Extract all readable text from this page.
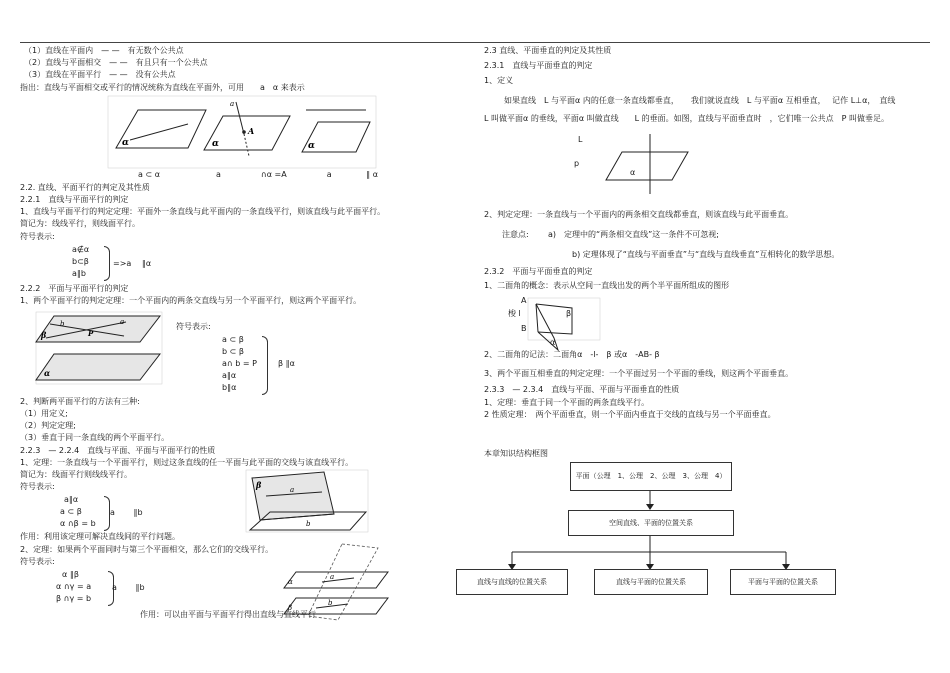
（1）直线在平面内　— —　有无数个公共点
（2）直线与平面相交　— —　有且只有一个公共点
（3）直线在平面平行　— —　没有公共点
指出：直线与平面相交或平行的情况统称为直线在平面外，可用　　a　α 来表示
α
A
α
a
α
a ⊂ α　　　　　　　a　　　　　∩α =A　　　　　a　　　　 ∥ α
2.2. 直线、平面平行的判定及其性质
2.2.1　直线与平面平行的判定
1、直线与平面平行的判定定理：平面外一条直线与此平面内的一条直线平行，则该直线与此平面平行。
简记为：线线平行，则线面平行。
符号表示:
a∉α
b⊂β
a∥b
=>a　 ∥α
2.2.2　平面与平面平行的判定
1、两个平面平行的判定定理：一个平面内的两条交直线与另一个平面平行，则这两个平面平行。
β
a
b
P
α
符号表示:
a ⊂ β
b ⊂ β
a∩ b = P
a∥α
b∥α
β ∥α
2、判断两平面平行的方法有三种:
（1）用定义;
（2）判定定理;
（3）垂直于同一条直线的两个平面平行。
2.2.3　— 2.2.4　直线与平面、平面与平面平行的性质
1、定理：一条直线与一个平面平行，则过这条直线的任一平面与此平面的交线与该直线平行。
简记为：线面平行则线线平行。
符号表示:
a∥α
a ⊂ β
α ∩β = b
a　　 ∥b
β	a
b
作用：利用该定理可解决直线间的平行问题。
2、定理：如果两个平面同时与第三个平面相交，那么它们的交线平行。
符号表示:
α ∥β
α ∩γ = a
β ∩γ = b
a　　 ∥b
a
b
α
β
作用：可以由平面与平面平行得出直线与直线平行
2.3 直线、平面垂直的判定及其性质
2.3.1　直线与平面垂直的判定
1、定义
如果直线　L 与平面α 内的任意一条直线都垂直，　　我们就说直线　L 与平面α 互相垂直，　 记作 L⊥α，　直线
L 叫做平面α 的垂线，平面α 叫做直线　　L 的垂面。如图，直线与平面垂直时　，它们唯一公共点　P 叫做垂足。
L
p
α
2、判定定理：一条直线与一个平面内的两条相交直线都垂直，则该直线与此平面垂直。
注意点: a)　定理中的“两条相交直线”这一条件不可忽视;
b) 定理体现了“直线与平面垂直”与“直线与直线垂直”互相转化的数学思想。
2.3.2　平面与平面垂直的判定
1、二面角的概念：表示从空间一直线出发的两个半平面所组成的图形
A
梭 l
B
β
α
2、二面角的记法：二面角α　-l-　β 或α　-AB- β
3、两个平面互相垂直的判定定理：一个平面过另一个平面的垂线，则这两个平面垂直。
2.3.3　— 2.3.4　直线与平面、平面与平面垂直的性质
1、定理：垂直于同一个平面的两条直线平行。
2 性质定理：　两个平面垂直，则一个平面内垂直于交线的直线与另一个平面垂直。
本章知识结构框图
平面（公理　1、公理　2、公理　3、公理　4）
空间直线、平面的位置关系
直线与直线的位置关系	直线与平面的位置关系	平面与平面的位置关系
